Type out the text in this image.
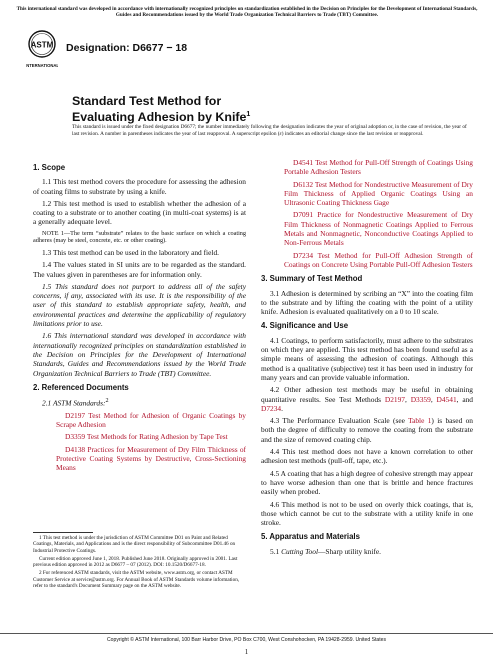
This international standard was developed in accordance with internationally recognized principles on standardization established in the Decision on Principles for the Development of International Standards, Guides and Recommendations issued by the World Trade Organization Technical Barriers to Trade (TBT) Committee.
ASTM
INTERNATIONAL
Designation: D6677 − 18
Standard Test Method for
Evaluating Adhesion by Knife$^1$
This standard is issued under the fixed designation D6677; the number immediately following the designation indicates the year of original adoption or, in the case of revision, the year of last revision. A number in parentheses indicates the year of last reapproval. A superscript epsilon (ε) indicates an editorial change since the last revision or reapproval.
1. Scope

1.1 This test method covers the procedure for assessing the adhesion of coating films to substrate by using a knife.

1.2 This test method is used to establish whether the adhesion of a coating to a substrate or to another coating (in multi-coat systems) is at a generally adequate level.

NOTE 1—The term “substrate” relates to the basic surface on which a coating adheres (may be steel, concrete, etc. or other coating).

1.3 This test method can be used in the laboratory and field.

1.4 The values stated in SI units are to be regarded as the standard. The values given in parentheses are for information only.

1.5 This standard does not purport to address all of the safety concerns, if any, associated with its use. It is the responsibility of the user of this standard to establish appropriate safety, health, and environmental practices and determine the applicability of regulatory limitations prior to use.

1.6 This international standard was developed in accordance with internationally recognized principles on standardization established in the Decision on Principles for the Development of International Standards, Guides and Recommendations issued by the World Trade Organization Technical Barriers to Trade (TBT) Committee.

2. Referenced Documents

2.1 ASTM Standards:$^2$

D2197 Test Method for Adhesion of Organic Coatings by Scrape Adhesion

D3359 Test Methods for Rating Adhesion by Tape Test

D4138 Practices for Measurement of Dry Film Thickness of Protective Coating Systems by Destructive, Cross-Sectioning Means

D4541 Test Method for Pull-Off Strength of Coatings Using Portable Adhesion Testers

D6132 Test Method for Nondestructive Measurement of Dry Film Thickness of Applied Organic Coatings Using an Ultrasonic Coating Thickness Gage

D7091 Practice for Nondestructive Measurement of Dry Film Thickness of Nonmagnetic Coatings Applied to Ferrous Metals and Nonmagnetic, Nonconductive Coatings Applied to Non-Ferrous Metals

D7234 Test Method for Pull-Off Adhesion Strength of Coatings on Concrete Using Portable Pull-Off Adhesion Testers

3. Summary of Test Method

3.1 Adhesion is determined by scribing an “X” into the coating film to the substrate and by lifting the coating with the point of a utility knife. Adhesion is evaluated qualitatively on a 0 to 10 scale.

4. Significance and Use

4.1 Coatings, to perform satisfactorily, must adhere to the substrates on which they are applied. This test method has been found useful as a simple means of assessing the adhesion of coatings. Although this method is a qualitative (subjective) test it has been used in industry for many years and can provide valuable information.

4.2 Other adhesion test methods may be useful in obtaining quantitative results. See Test Methods D2197, D3359, D4541, and D7234.

4.3 The Performance Evaluation Scale (see Table 1) is based on both the degree of difficulty to remove the coating from the substrate and the size of removed coating chip.

4.4 This test method does not have a known correlation to other adhesion test methods (pull-off, tape, etc.).

4.5 A coating that has a high degree of cohesive strength may appear to have worse adhesion than one that is brittle and hence fractures easily when probed.

4.6 This method is not to be used on overly thick coatings, that is, those which cannot be cut to the substrate with a utility knife in one stroke.

5. Apparatus and Materials

5.1 Cutting Tool—Sharp utility knife.

1 This test method is under the jurisdiction of ASTM Committee D01 on Paint and Related Coatings, Materials, and Applications and is the direct responsibility of Subcommittee D01.46 on Industrial Protective Coatings.

Current edition approved June 1, 2018. Published June 2018. Originally approved in 2001. Last previous edition approved in 2012 as D6677 – 07 (2012). DOI: 10.1520/D6677-18.

2 For referenced ASTM standards, visit the ASTM website, www.astm.org, or contact ASTM Customer Service at service@astm.org. For Annual Book of ASTM Standards volume information, refer to the standard's Document Summary page on the ASTM website.

Copyright © ASTM International, 100 Barr Harbor Drive, PO Box C700, West Conshohocken, PA 19428-2959. United States
1
